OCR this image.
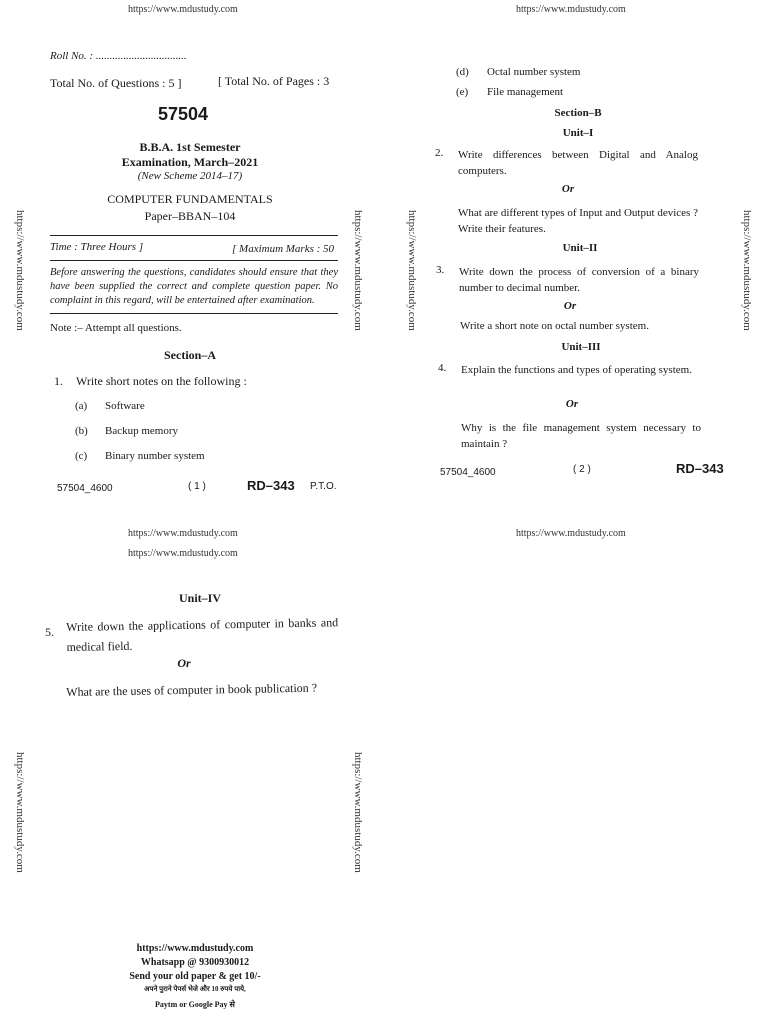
https://www.mdustudy.com	https://www.mdustudy.com
https://www.mdustudy.com	https://www.mdustudy.com	https://www.mdustudy.com	https://www.mdustudy.com
https://www.mdustudy.com	https://www.mdustudy.com
Roll No. : .................................
Total No. of Questions : 5 ]	[ Total No. of Pages : 3
57504
B.B.A. 1st Semester
Examination, March–2021
(New Scheme 2014–17)
COMPUTER FUNDAMENTALS
Paper–BBAN–104
Time : Three Hours ]	[ Maximum Marks : 50
Before answering the questions, candidates should ensure that they have been supplied the correct and complete question paper. No complaint in this regard, will be entertained after examination.
Note :– Attempt all questions.
Section–A
1. Write short notes on the following :
(a) Software
(b) Backup memory
(c) Binary number system
57504_4600	( 1 )	RD–343 P.T.O.
(d) Octal number system
(e) File management
Section–B
Unit–I
2. Write differences between Digital and Analog computers.
Or
What are different types of Input and Output devices ? Write their features.
Unit–II
3. Write down the process of conversion of a binary number to decimal number.
Or
Write a short note on octal number system.
Unit–III
4. Explain the functions and types of operating system.
Or
Why is the file management system necessary to maintain ?
57504_4600	( 2 )	RD–343
https://www.mdustudy.com	https://www.mdustudy.com
https://www.mdustudy.com
Unit–IV
5. Write down the applications of computer in banks and medical field.
Or
What are the uses of computer in book publication ?
https://www.mdustudy.com
Whatsapp @ 9300930012
Send your old paper & get 10/-
अपने पुराने पेपर्स भेजे और 10 रुपये पाये,
Paytm or Google Pay से
